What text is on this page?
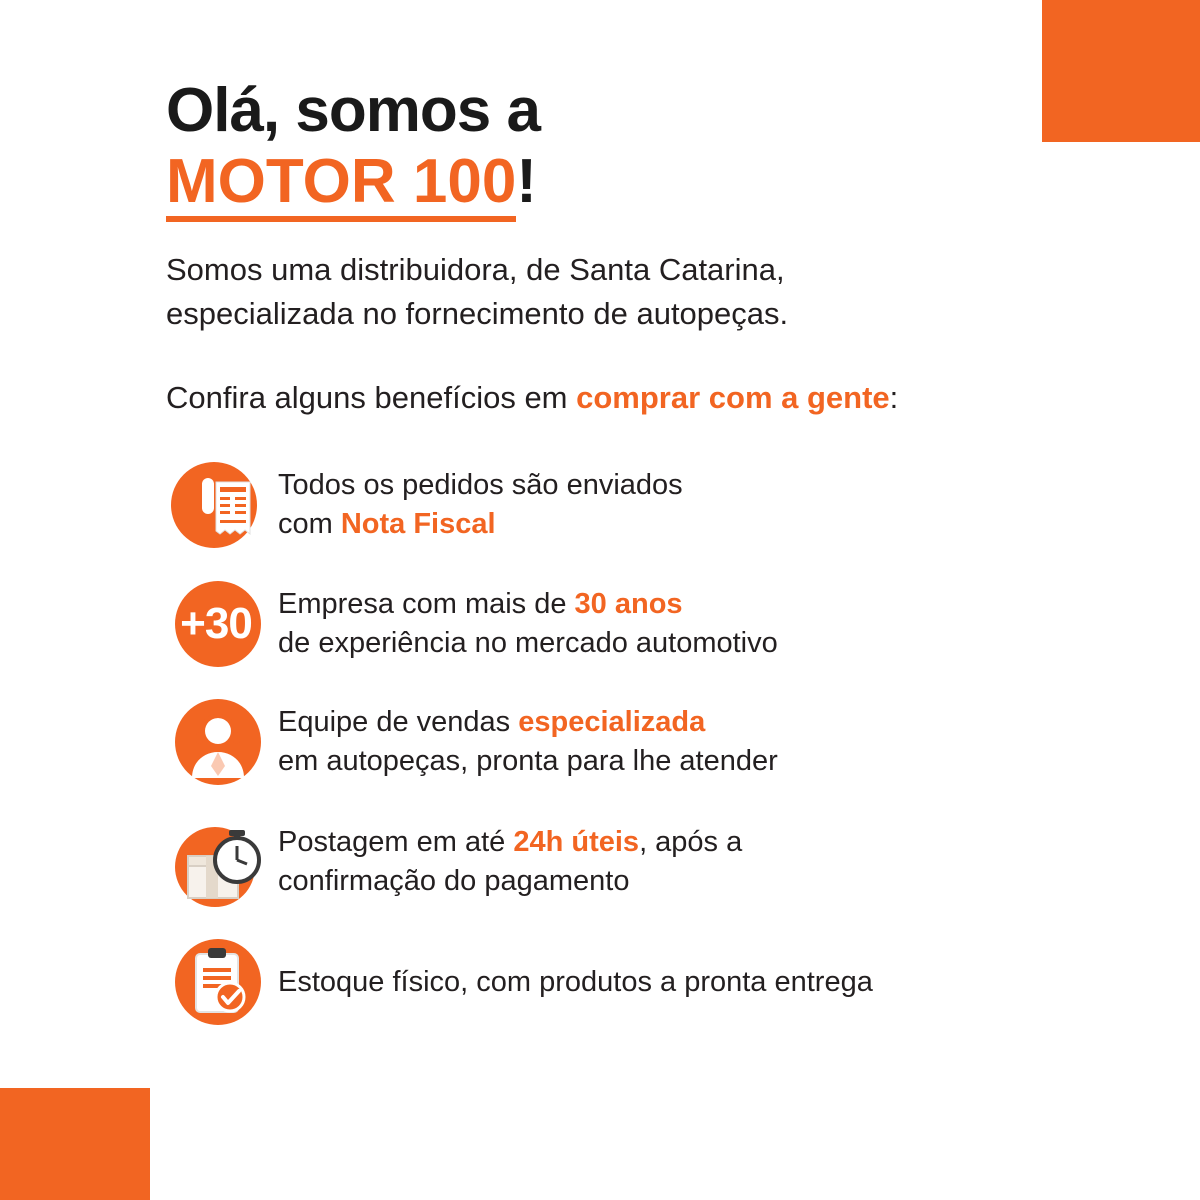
Olá, somos a
MOTOR 100!

Somos uma distribuidora, de Santa Catarina,
especializada no fornecimento de autopeças.

Confira alguns benefícios em comprar com a gente:

Todos os pedidos são enviados
com Nota Fiscal
+30 Empresa com mais de 30 anos
de experiência no mercado automotivo
Equipe de vendas especializada
em autopeças, pronta para lhe atender
Postagem em até 24h úteis, após a
confirmação do pagamento
Estoque físico, com produtos a pronta entrega
